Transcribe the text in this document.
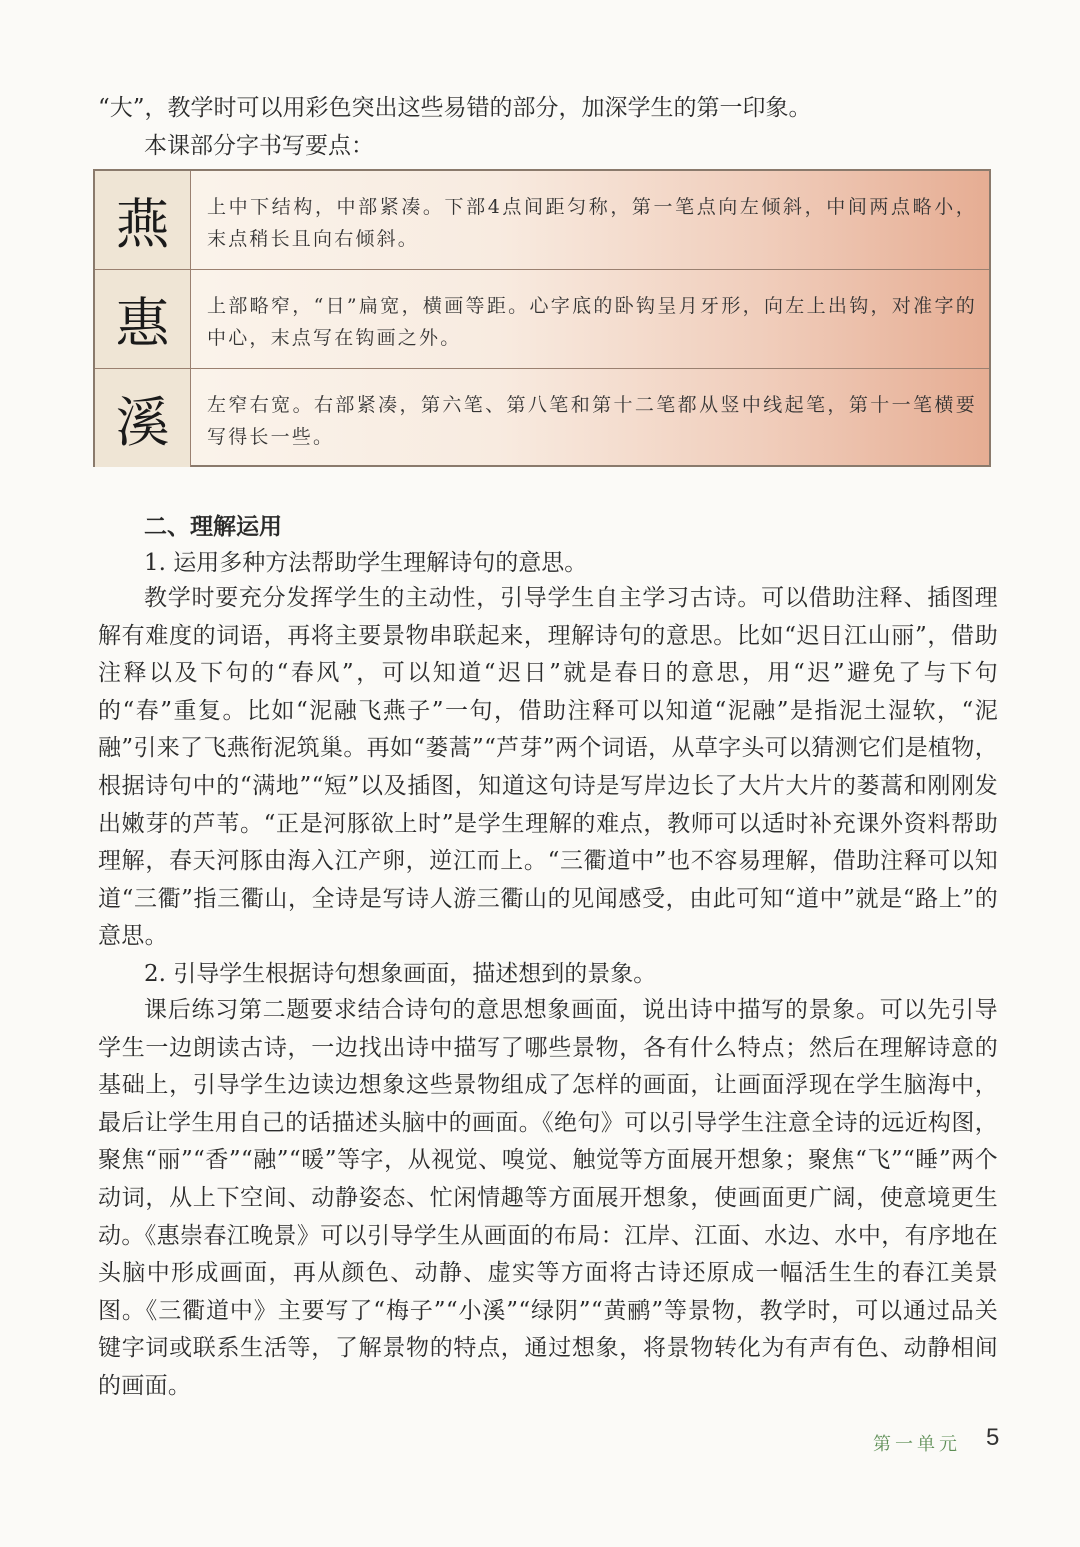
“大”，教学时可以用彩色突出这些易错的部分，加深学生的第一印象。
本课部分字书写要点：
燕	上中下结构，中部紧凑。下部4点间距匀称，第一笔点向左倾斜，中间两点略小，末点稍长且向右倾斜。
惠	上部略窄，“日”扁宽，横画等距。心字底的卧钩呈月牙形，向左上出钩，对准字的中心，末点写在钩画之外。
溪	左窄右宽。右部紧凑，第六笔、第八笔和第十二笔都从竖中线起笔，第十一笔横要写得长一些。
二、理解运用
1. 运用多种方法帮助学生理解诗句的意思。

教学时要充分发挥学生的主动性，引导学生自主学习古诗。可以借助注释、插图理解有难度的词语，再将主要景物串联起来，理解诗句的意思。比如“迟日江山丽”，借助注释以及下句的“春风”，可以知道“迟日”就是春日的意思，用“迟”避免了与下句的“春”重复。比如“泥融飞燕子”一句，借助注释可以知道“泥融”是指泥土湿软，“泥融”引来了飞燕衔泥筑巢。再如“蒌蒿”“芦芽”两个词语，从草字头可以猜测它们是植物，根据诗句中的“满地”“短”以及插图，知道这句诗是写岸边长了大片大片的蒌蒿和刚刚发出嫩芽的芦苇。“正是河豚欲上时”是学生理解的难点，教师可以适时补充课外资料帮助理解，春天河豚由海入江产卵，逆江而上。“三衢道中”也不容易理解，借助注释可以知道“三衢”指三衢山，全诗是写诗人游三衢山的见闻感受，由此可知“道中”就是“路上”的意思。

2. 引导学生根据诗句想象画面，描述想到的景象。

课后练习第二题要求结合诗句的意思想象画面，说出诗中描写的景象。可以先引导学生一边朗读古诗，一边找出诗中描写了哪些景物，各有什么特点；然后在理解诗意的基础上，引导学生边读边想象这些景物组成了怎样的画面，让画面浮现在学生脑海中，最后让学生用自己的话描述头脑中的画面。《绝句》可以引导学生注意全诗的远近构图，聚焦“丽”“香”“融”“暖”等字，从视觉、嗅觉、触觉等方面展开想象；聚焦“飞”“睡”两个动词，从上下空间、动静姿态、忙闲情趣等方面展开想象，使画面更广阔，使意境更生动。《惠崇春江晚景》可以引导学生从画面的布局：江岸、江面、水边、水中，有序地在头脑中形成画面，再从颜色、动静、虚实等方面将古诗还原成一幅活生生的春江美景图。《三衢道中》主要写了“梅子”“小溪”“绿阴”“黄鹂”等景物，教学时，可以通过品关键字词或联系生活等，了解景物的特点，通过想象，将景物转化为有声有色、动静相间的画面。

第一单元 5
